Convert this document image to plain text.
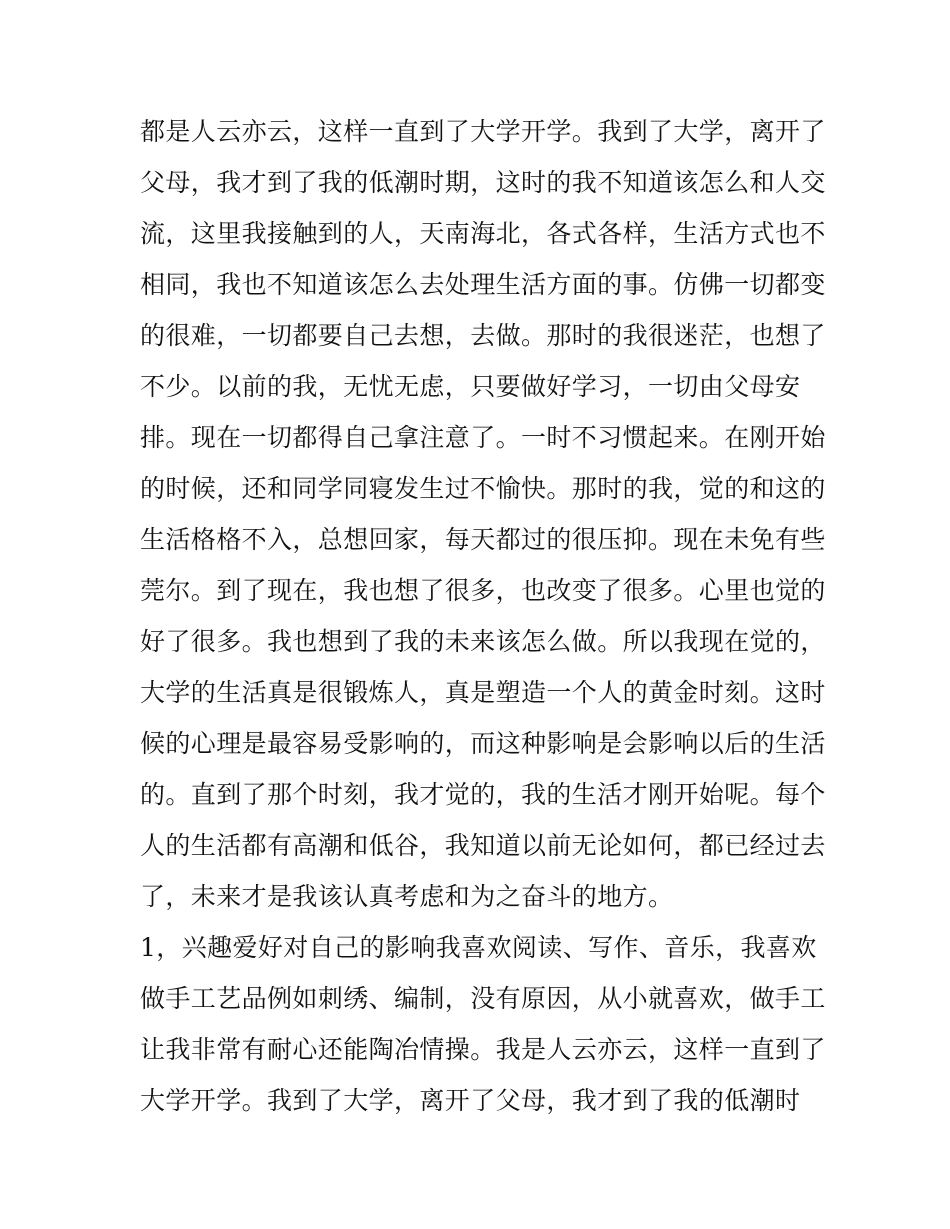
都是人云亦云，这样一直到了大学开学。我到了大学，离开了
父母，我才到了我的低潮时期，这时的我不知道该怎么和人交
流，这里我接触到的人，天南海北，各式各样，生活方式也不
相同，我也不知道该怎么去处理生活方面的事。仿佛一切都变
的很难，一切都要自己去想，去做。那时的我很迷茫，也想了
不少。以前的我，无忧无虑，只要做好学习，一切由父母安
排。现在一切都得自己拿注意了。一时不习惯起来。在刚开始
的时候，还和同学同寝发生过不愉快。那时的我，觉的和这的
生活格格不入，总想回家，每天都过的很压抑。现在未免有些
莞尔。到了现在，我也想了很多，也改变了很多。心里也觉的
好了很多。我也想到了我的未来该怎么做。所以我现在觉的，
大学的生活真是很锻炼人，真是塑造一个人的黄金时刻。这时
候的心理是最容易受影响的，而这种影响是会影响以后的生活
的。直到了那个时刻，我才觉的，我的生活才刚开始呢。每个
人的生活都有高潮和低谷，我知道以前无论如何，都已经过去
了，未来才是我该认真考虑和为之奋斗的地方。
1，兴趣爱好对自己的影响我喜欢阅读、写作、音乐，我喜欢
做手工艺品例如刺绣、编制，没有原因，从小就喜欢，做手工
让我非常有耐心还能陶冶情操。我是人云亦云，这样一直到了
大学开学。我到了大学，离开了父母，我才到了我的低潮时
